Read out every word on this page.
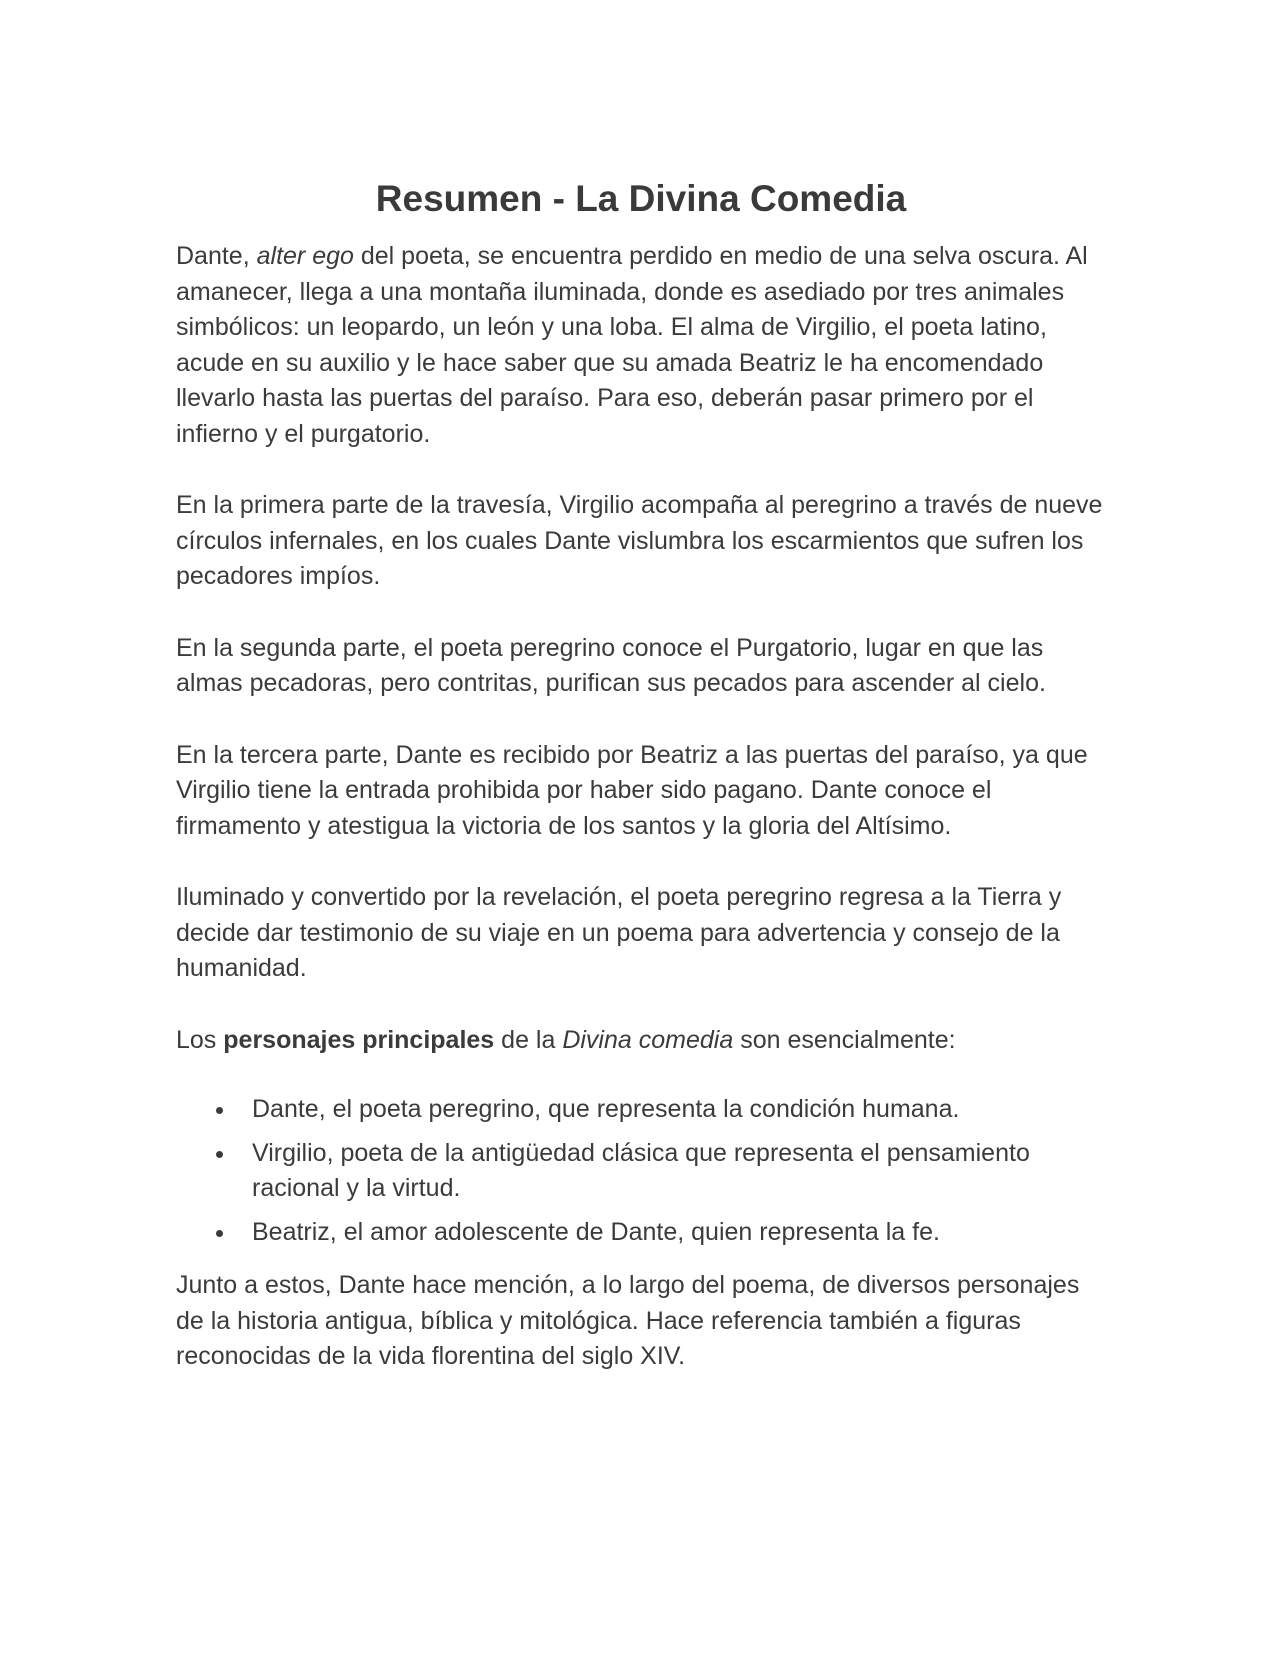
Resumen - La Divina Comedia

Dante, alter ego del poeta, se encuentra perdido en medio de una selva oscura. Al amanecer, llega a una montaña iluminada, donde es asediado por tres animales simbólicos: un leopardo, un león y una loba. El alma de Virgilio, el poeta latino, acude en su auxilio y le hace saber que su amada Beatriz le ha encomendado llevarlo hasta las puertas del paraíso. Para eso, deberán pasar primero por el infierno y el purgatorio.

En la primera parte de la travesía, Virgilio acompaña al peregrino a través de nueve círculos infernales, en los cuales Dante vislumbra los escarmientos que sufren los pecadores impíos.

En la segunda parte, el poeta peregrino conoce el Purgatorio, lugar en que las almas pecadoras, pero contritas, purifican sus pecados para ascender al cielo.

En la tercera parte, Dante es recibido por Beatriz a las puertas del paraíso, ya que Virgilio tiene la entrada prohibida por haber sido pagano. Dante conoce el firmamento y atestigua la victoria de los santos y la gloria del Altísimo.

Iluminado y convertido por la revelación, el poeta peregrino regresa a la Tierra y decide dar testimonio de su viaje en un poema para advertencia y consejo de la humanidad.

Los personajes principales de la Divina comedia son esencialmente:

Dante, el poeta peregrino, que representa la condición humana.
Virgilio, poeta de la antigüedad clásica que representa el pensamiento racional y la virtud.
Beatriz, el amor adolescente de Dante, quien representa la fe.

Junto a estos, Dante hace mención, a lo largo del poema, de diversos personajes de la historia antigua, bíblica y mitológica. Hace referencia también a figuras reconocidas de la vida florentina del siglo XIV.
